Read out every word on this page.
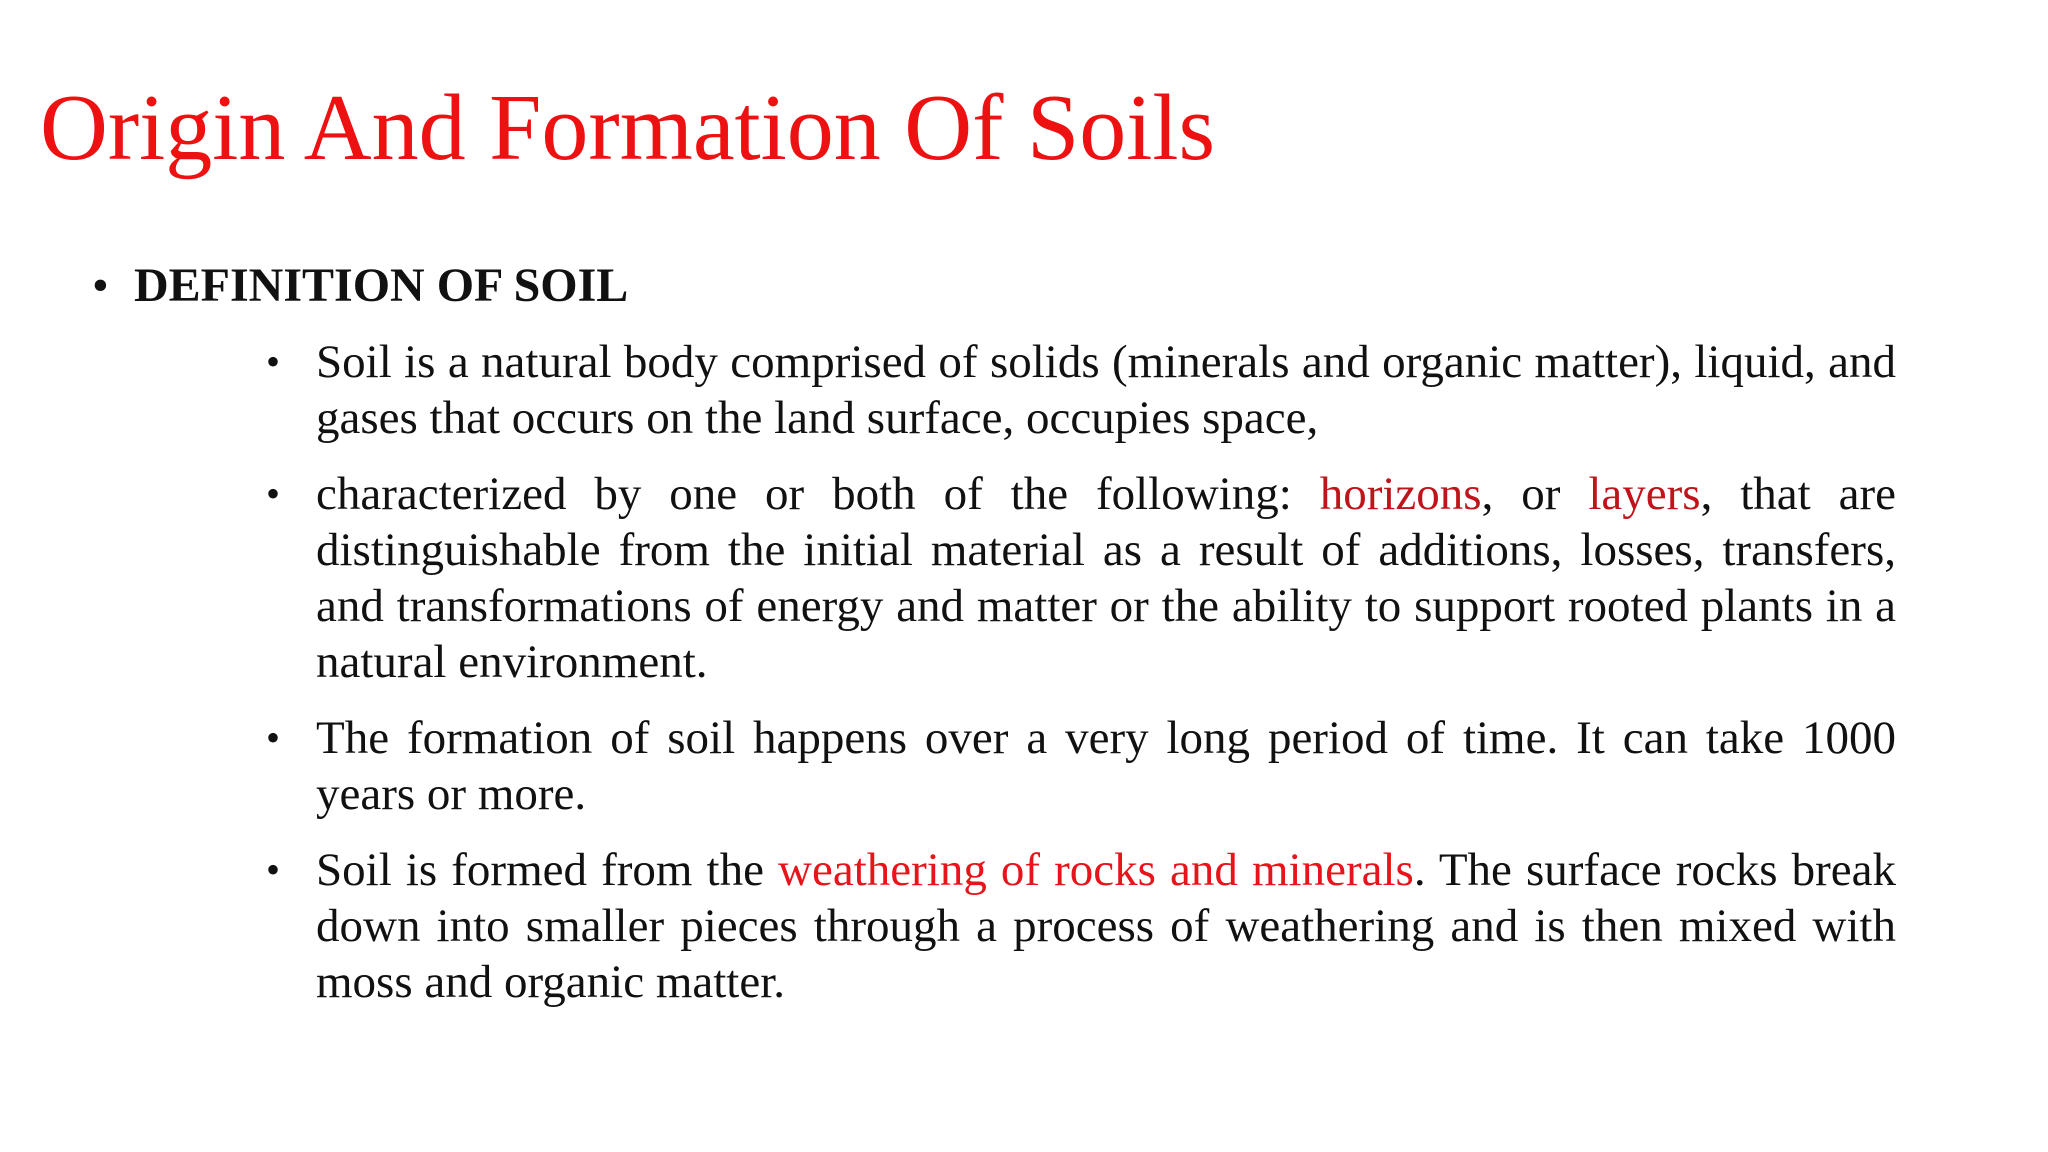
Origin And Formation Of Soils
• DEFINITION OF SOIL
• Soil is a natural body comprised of solids (minerals and organic matter), liquid, and gases that occurs on the land surface, occupies space,
• characterized by one or both of the following: horizons, or layers, that are distinguishable from the initial material as a result of additions, losses, transfers, and transformations of energy and matter or the ability to support rooted plants in a natural environment.
• The formation of soil happens over a very long period of time. It can take 1000 years or more.
• Soil is formed from the weathering of rocks and minerals. The surface rocks break down into smaller pieces through a process of weathering and is then mixed with moss and organic matter.
